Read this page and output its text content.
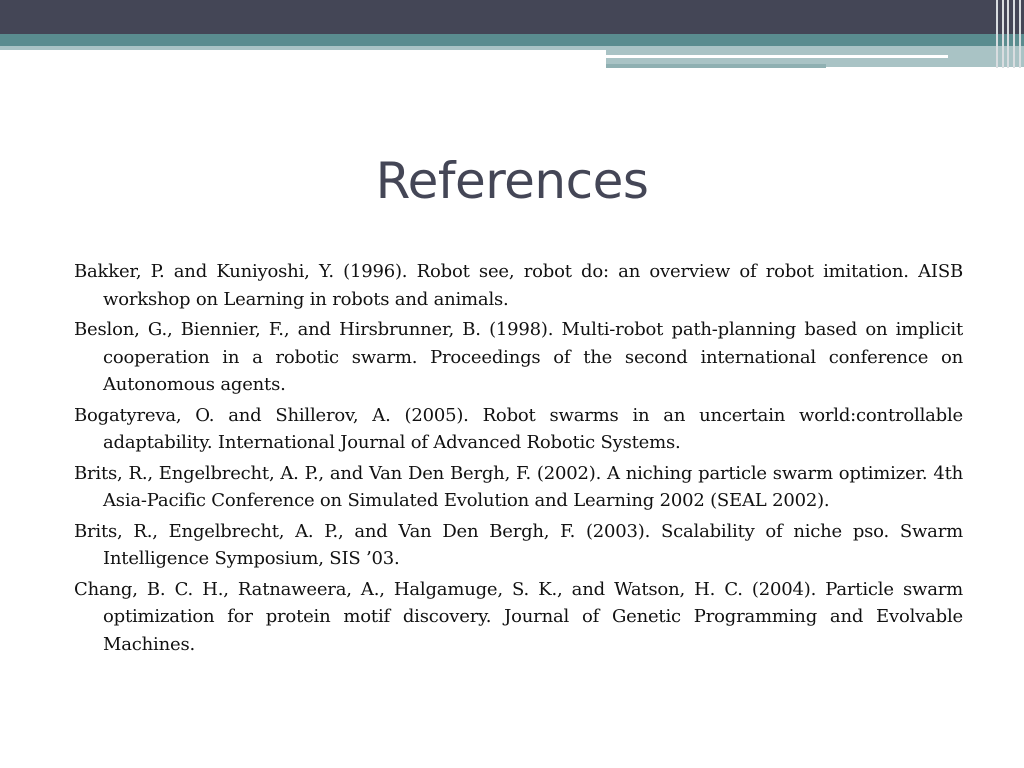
References

Bakker, P. and Kuniyoshi, Y. (1996). Robot see, robot do: an overview of robot imitation. AISB workshop on Learning in robots and animals.

Beslon, G., Biennier, F., and Hirsbrunner, B. (1998). Multi-robot path-planning based on implicit cooperation in a robotic swarm. Proceedings of the second international conference on Autonomous agents.

Bogatyreva, O. and Shillerov, A. (2005). Robot swarms in an uncertain world:controllable adaptability. International Journal of Advanced Robotic Systems.

Brits, R., Engelbrecht, A. P., and Van Den Bergh, F. (2002). A niching particle swarm optimizer. 4th Asia-Pacific Conference on Simulated Evolution and Learning 2002 (SEAL 2002).

Brits, R., Engelbrecht, A. P., and Van Den Bergh, F. (2003). Scalability of niche pso. Swarm Intelligence Symposium, SIS ’03.

Chang, B. C. H., Ratnaweera, A., Halgamuge, S. K., and Watson, H. C. (2004). Particle swarm optimization for protein motif discovery. Journal of Genetic Programming and Evolvable Machines.
